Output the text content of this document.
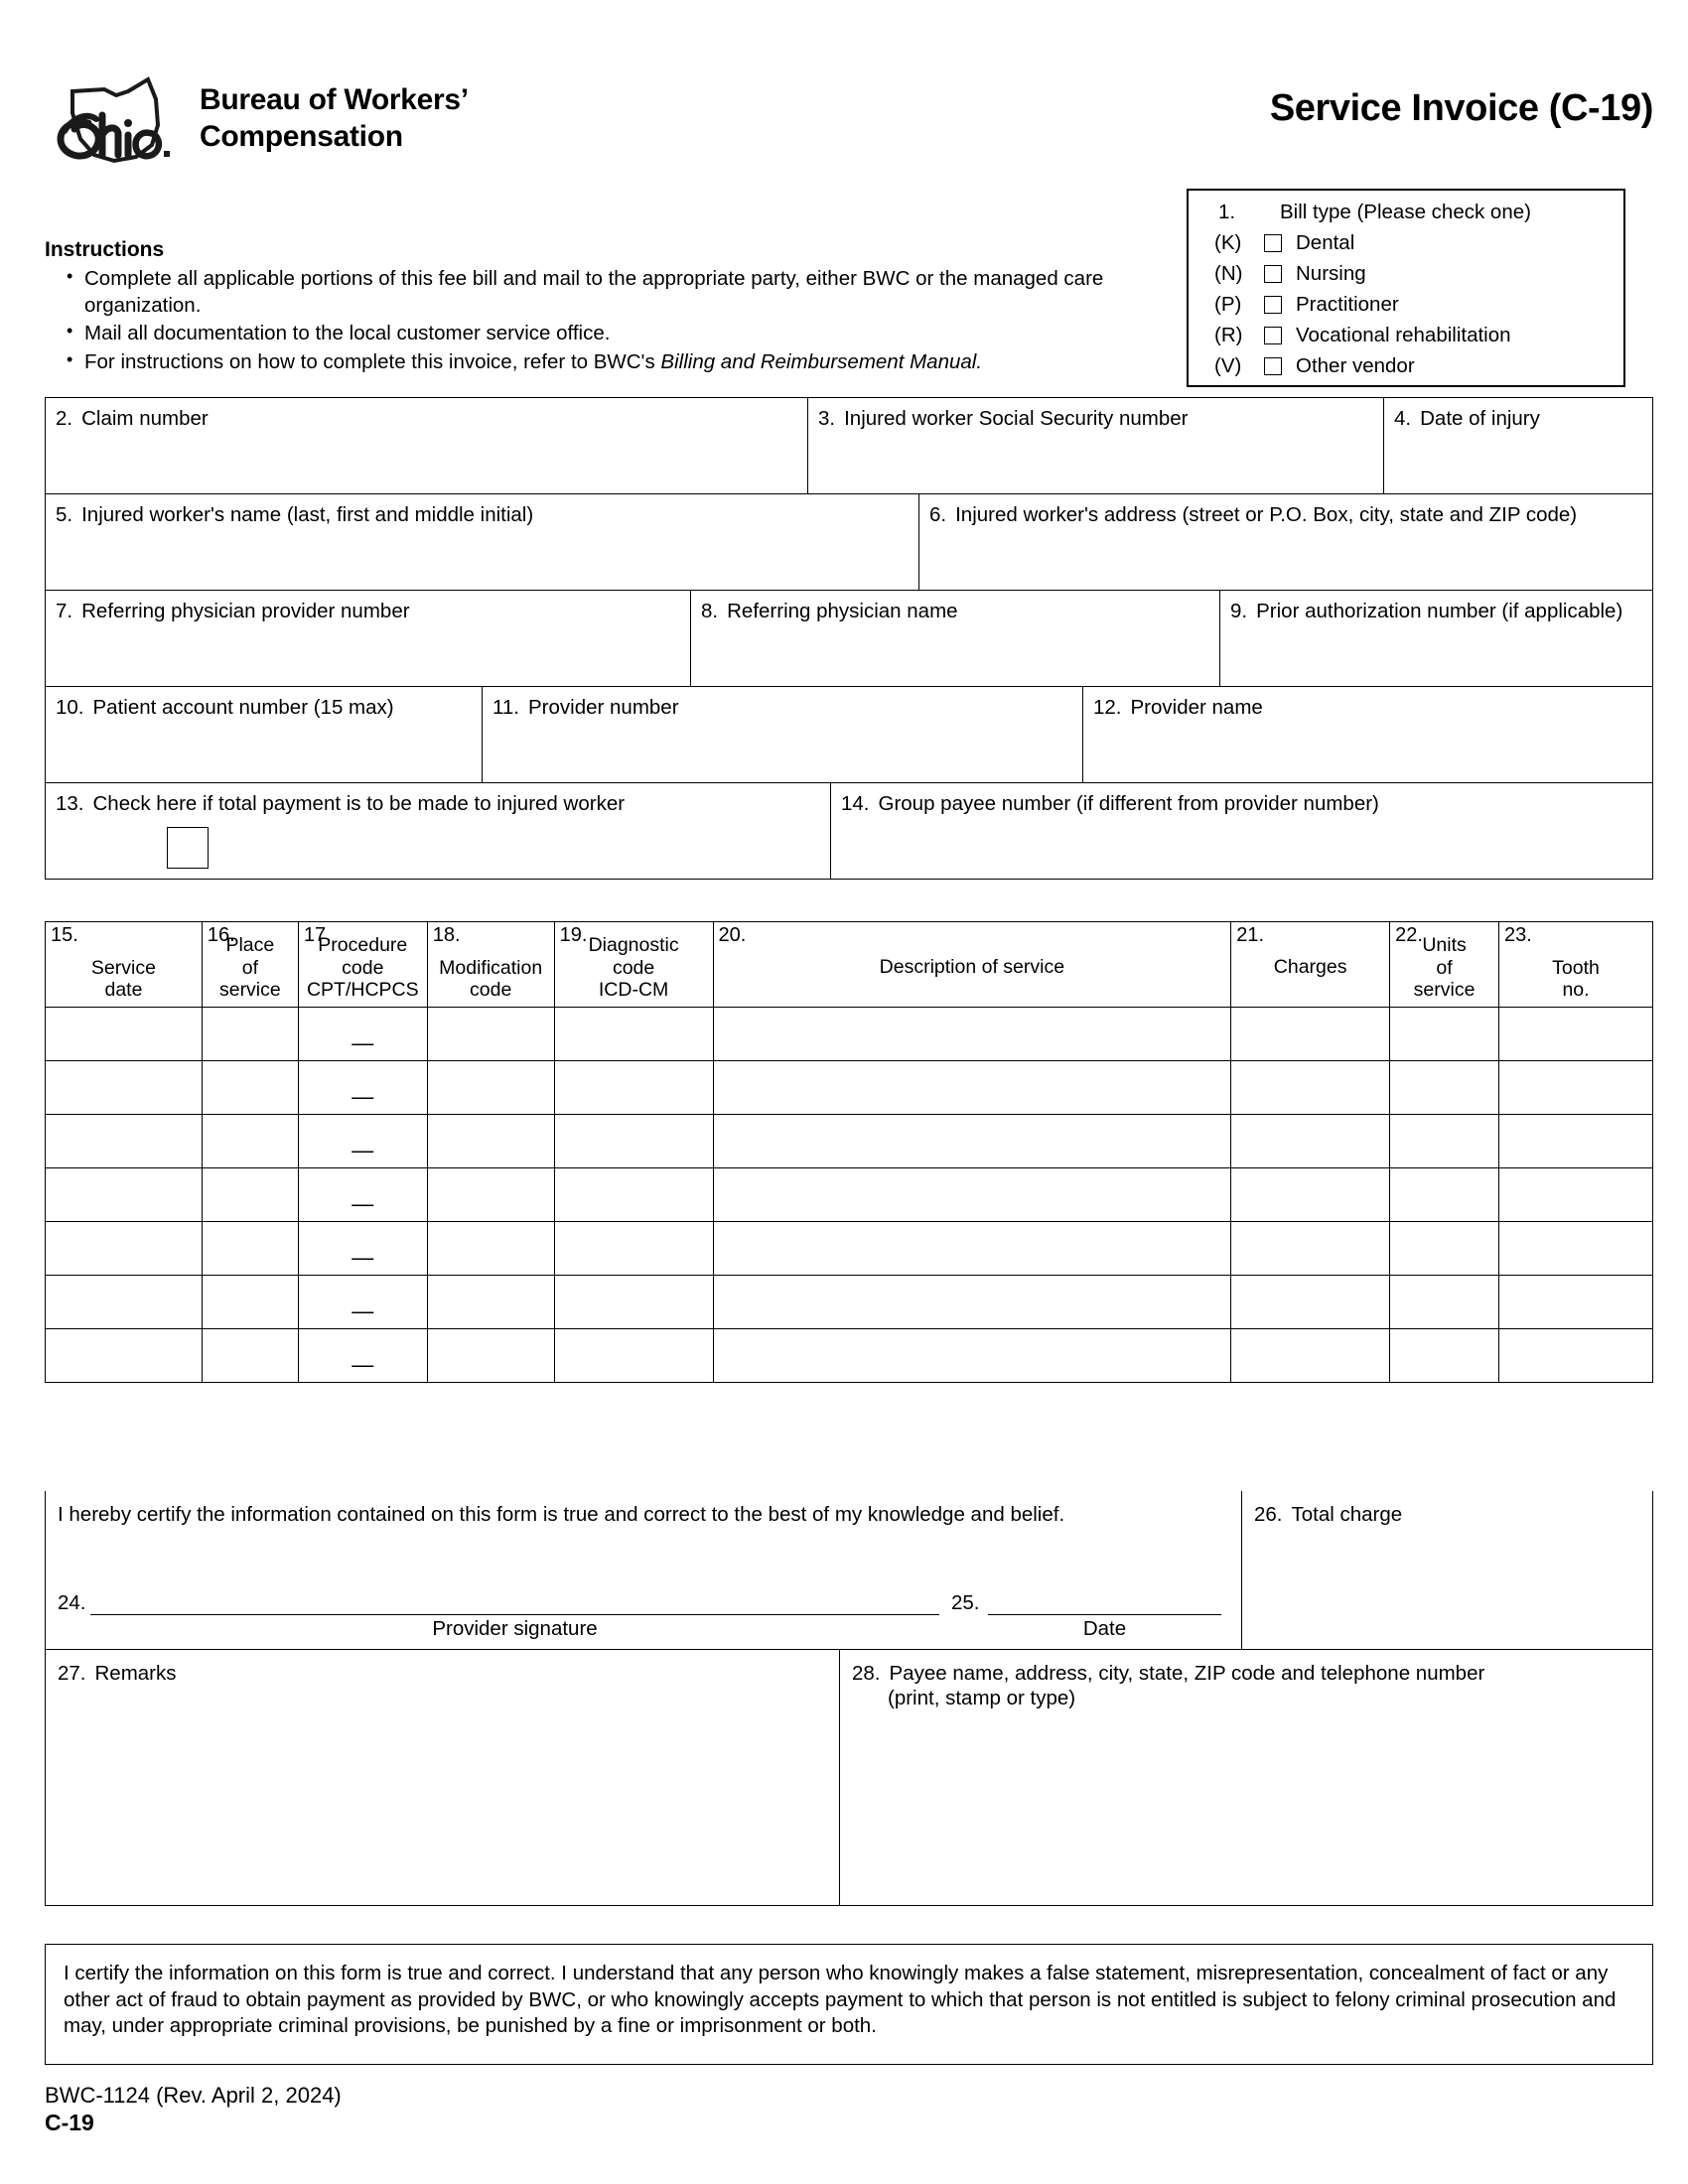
Bureau of Workers’
Compensation
Service Invoice (C-19)
1.	Bill type (Please check one)
(K)	Dental
(N)	Nursing
(P)	Practitioner
(R)	Vocational rehabilitation
(V)	Other vendor
Instructions
• Complete all applicable portions of this fee bill and mail to the appropriate party, either BWC or the managed care organization.
• Mail all documentation to the local customer service office.
• For instructions on how to complete this invoice, refer to BWC's Billing and Reimbursement Manual.
2. Claim number	3. Injured worker Social Security number	4. Date of injury
5. Injured worker's name (last, first and middle initial)	6. Injured worker's address (street or P.O. Box, city, state and ZIP code)
7. Referring physician provider number	8. Referring physician name	9. Prior authorization number (if applicable)
10. Patient account number (15 max)	11. Provider number	12. Provider name
13. Check here if total payment is to be made to injured worker	14. Group payee number (if different from provider number)
15.
Service
date	16.
Place
of
service	17.
Procedure
code
CPT/HCPCS	18.
Modification
code	19. Diagnostic
code
ICD-CM	20.
Description of service	21.
Charges	22. Units
of
service	23.
Tooth
no.

		—						

		—						

		—						

		—						

		—						

		—						

		—						

I hereby certify the information contained on this form is true and correct to the best of my knowledge and belief.
24.
Provider signature
25.
Date
26. Total charge
27. Remarks	28. Payee name, address, city, state, ZIP code and telephone number
(print, stamp or type)
I certify the information on this form is true and correct. I understand that any person who knowingly makes a false statement, misrepresentation, concealment of fact or any other act of fraud to obtain payment as provided by BWC, or who knowingly accepts payment to which that person is not entitled is subject to felony criminal prosecution and may, under appropriate criminal provisions, be punished by a fine or imprisonment or both.
BWC-1124 (Rev. April 2, 2024)
C-19
